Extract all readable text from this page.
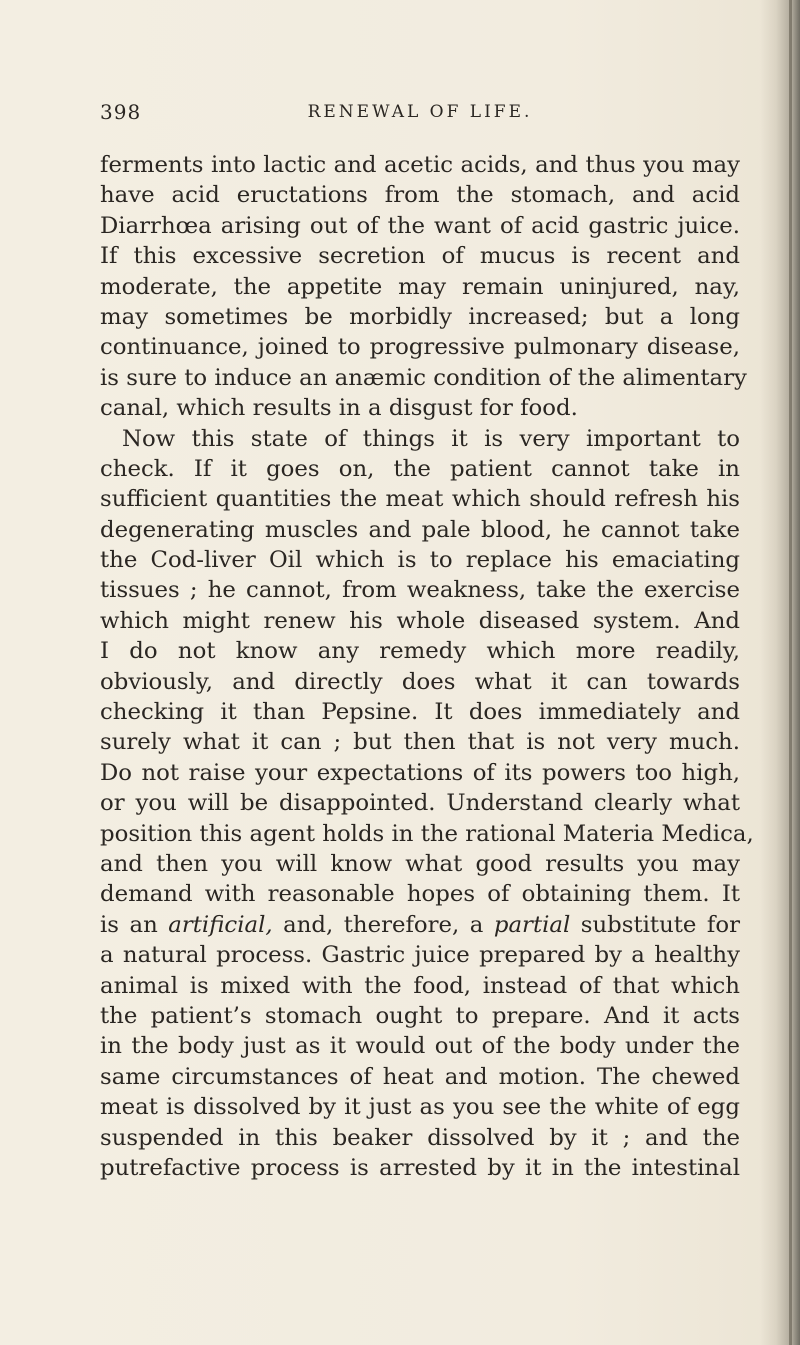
398	RENEWAL OF LIFE.
ferments into lactic and acetic acids, and thus you may
have acid eructations from the stomach, and acid
Diarrhœa arising out of the want of acid gastric juice.
If this excessive secretion of mucus is recent and
moderate, the appetite may remain uninjured, nay,
may sometimes be morbidly increased; but a long
continuance, joined to progressive pulmonary disease,
is sure to induce an anæmic condition of the alimentary
canal, which results in a disgust for food.
Now this state of things it is very important to
check. If it goes on, the patient cannot take in
sufficient quantities the meat which should refresh his
degenerating muscles and pale blood, he cannot take
the Cod-liver Oil which is to replace his emaciating
tissues ; he cannot, from weakness, take the exercise
which might renew his whole diseased system. And
I do not know any remedy which more readily,
obviously, and directly does what it can towards
checking it than Pepsine. It does immediately and
surely what it can ; but then that is not very much.
Do not raise your expectations of its powers too high,
or you will be disappointed. Understand clearly what
position this agent holds in the rational Materia Medica,
and then you will know what good results you may
demand with reasonable hopes of obtaining them. It
is an artificial, and, therefore, a partial substitute for
a natural process. Gastric juice prepared by a healthy
animal is mixed with the food, instead of that which
the patient’s stomach ought to prepare. And it acts
in the body just as it would out of the body under the
same circumstances of heat and motion. The chewed
meat is dissolved by it just as you see the white of egg
suspended in this beaker dissolved by it ; and the
putrefactive process is arrested by it in the intestinal
